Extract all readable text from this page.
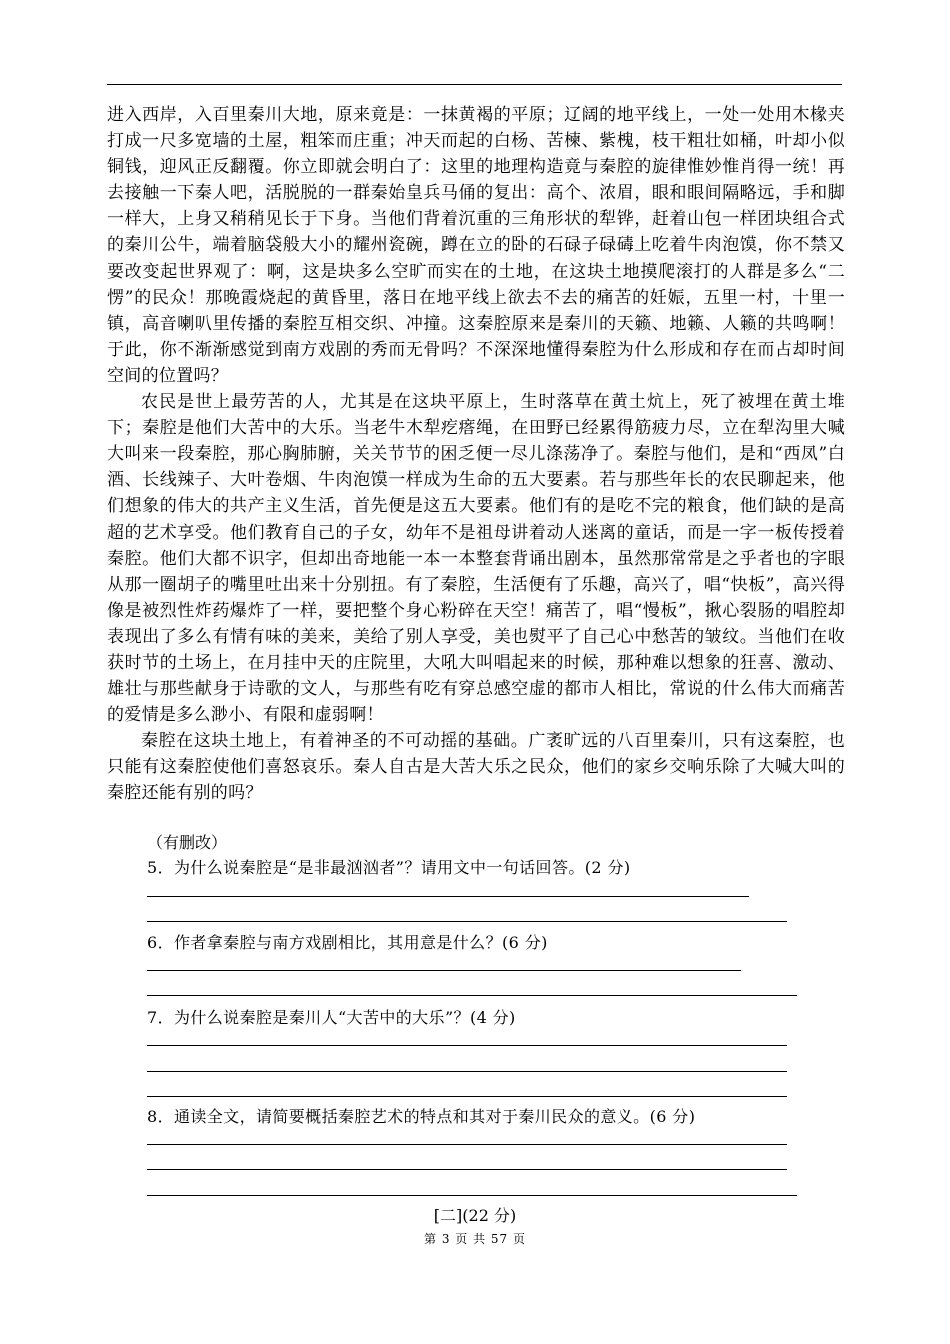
进入西岸，入百里秦川大地，原来竟是：一抹黄褐的平原；辽阔的地平线上，一处一处用木椽夹打成一尺多宽墙的土屋，粗笨而庄重；冲天而起的白杨、苦楝、紫槐，枝干粗壮如桶，叶却小似铜钱，迎风正反翻覆。你立即就会明白了：这里的地理构造竟与秦腔的旋律惟妙惟肖得一统！再去接触一下秦人吧，活脱脱的一群秦始皇兵马俑的复出：高个、浓眉，眼和眼间隔略远，手和脚一样大，上身又稍稍见长于下身。当他们背着沉重的三角形状的犁铧，赶着山包一样团块组合式的秦川公牛，端着脑袋般大小的耀州瓷碗，蹲在立的卧的石碌子碌碡上吃着牛肉泡馍，你不禁又要改变起世界观了：啊，这是块多么空旷而实在的土地，在这块土地摸爬滚打的人群是多么“二愣”的民众！那晚霞烧起的黄昏里，落日在地平线上欲去不去的痛苦的妊娠，五里一村，十里一镇，高音喇叭里传播的秦腔互相交织、冲撞。这秦腔原来是秦川的天籁、地籁、人籁的共鸣啊！于此，你不渐渐感觉到南方戏剧的秀而无骨吗？不深深地懂得秦腔为什么形成和存在而占却时间空间的位置吗？

农民是世上最劳苦的人，尤其是在这块平原上，生时落草在黄土炕上，死了被埋在黄土堆下；秦腔是他们大苦中的大乐。当老牛木犁疙瘩绳，在田野已经累得筋疲力尽，立在犁沟里大喊大叫来一段秦腔，那心胸肺腑，关关节节的困乏便一尽儿涤荡净了。秦腔与他们，是和“西凤”白酒、长线辣子、大叶卷烟、牛肉泡馍一样成为生命的五大要素。若与那些年长的农民聊起来，他们想象的伟大的共产主义生活，首先便是这五大要素。他们有的是吃不完的粮食，他们缺的是高超的艺术享受。他们教育自己的子女，幼年不是祖母讲着动人迷离的童话，而是一字一板传授着秦腔。他们大都不识字，但却出奇地能一本一本整套背诵出剧本，虽然那常常是之乎者也的字眼从那一圈胡子的嘴里吐出来十分别扭。有了秦腔，生活便有了乐趣，高兴了，唱“快板”，高兴得像是被烈性炸药爆炸了一样，要把整个身心粉碎在天空！痛苦了，唱“慢板”，揪心裂肠的唱腔却表现出了多么有情有味的美来，美给了别人享受，美也熨平了自己心中愁苦的皱纹。当他们在收获时节的土场上，在月挂中天的庄院里，大吼大叫唱起来的时候，那种难以想象的狂喜、激动、雄壮与那些献身于诗歌的文人，与那些有吃有穿总感空虚的都市人相比，常说的什么伟大而痛苦的爱情是多么渺小、有限和虚弱啊！

秦腔在这块土地上，有着神圣的不可动摇的基础。广袤旷远的八百里秦川，只有这秦腔，也只能有这秦腔使他们喜怒哀乐。秦人自古是大苦大乐之民众，他们的家乡交响乐除了大喊大叫的秦腔还能有别的吗？

（有删改）
5．为什么说秦腔是“是非最汹汹者”？请用文中一句话回答。(2 分)
6．作者拿秦腔与南方戏剧相比，其用意是什么？(6 分)
7．为什么说秦腔是秦川人“大苦中的大乐”？(4 分)
8．通读全文，请简要概括秦腔艺术的特点和其对于秦川民众的意义。(6 分)
[二](22 分)
第 3 页 共 57 页
